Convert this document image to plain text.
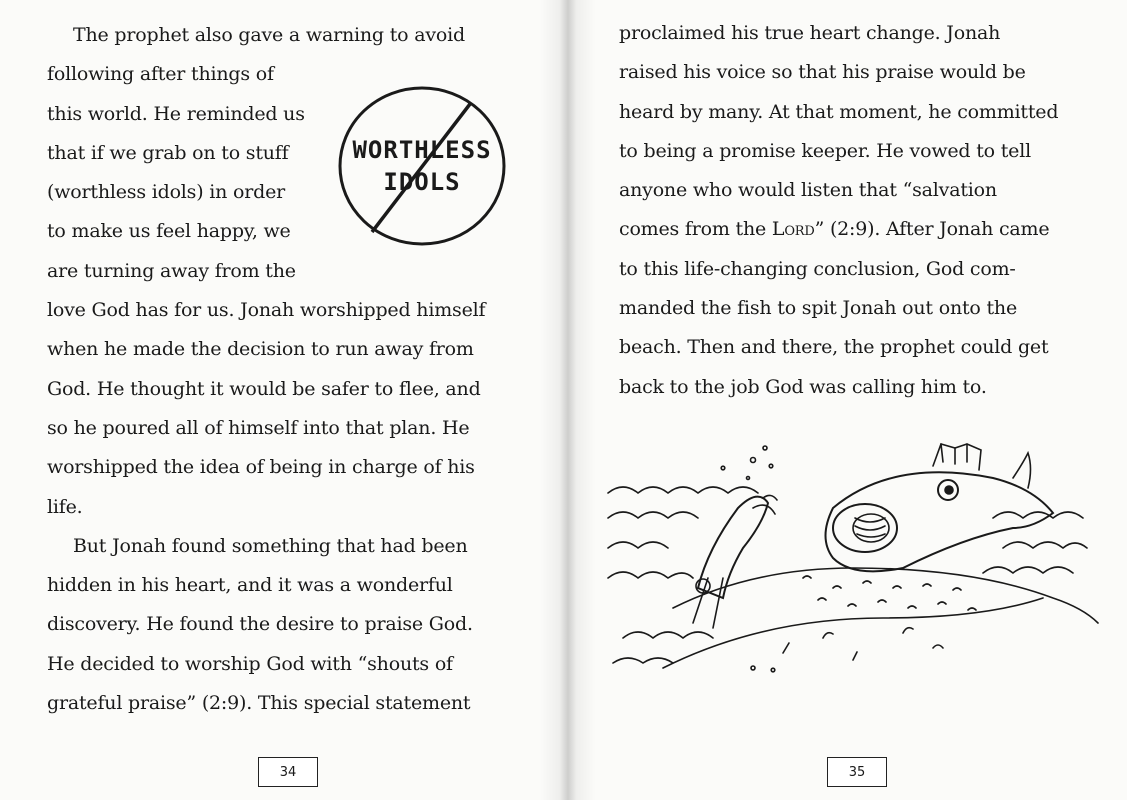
The prophet also gave a warning to avoid
following after things of
this world. He reminded us
that if we grab on to stuff
(worthless idols) in order
to make us feel happy, we
are turning away from the
love God has for us. Jonah worshipped himself
when he made the decision to run away from
God. He thought it would be safer to flee, and
so he poured all of himself into that plan. He
worshipped the idea of being in charge of his
life.
But Jonah found something that had been
hidden in his heart, and it was a wonderful
discovery. He found the desire to praise God.
He decided to worship God with “shouts of
grateful praise” (2:9). This special statement
WORTHLESS
IDOLS
proclaimed his true heart change. Jonah
raised his voice so that his praise would be
heard by many. At that moment, he committed
to being a promise keeper. He vowed to tell
anyone who would listen that “salvation
comes from the Lord” (2:9). After Jonah came
to this life-changing conclusion, God com-
manded the fish to spit Jonah out onto the
beach. Then and there, the prophet could get
back to the job God was calling him to.
34	35
